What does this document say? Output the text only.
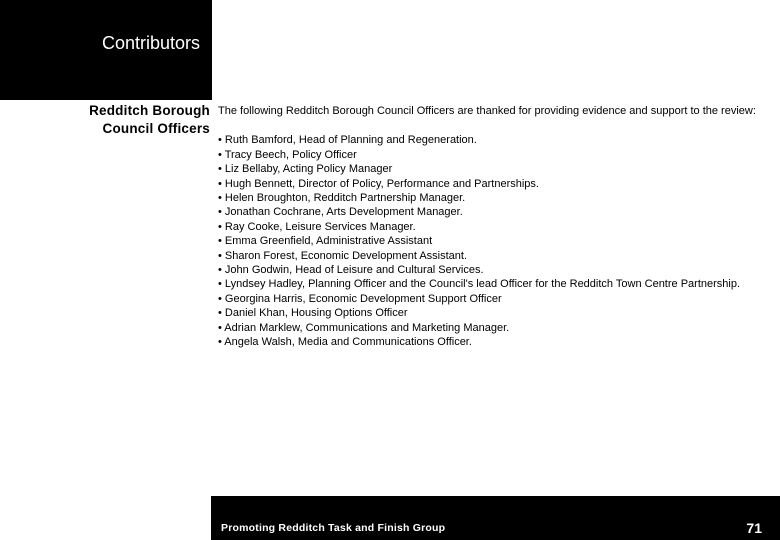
Contributors
Redditch Borough
Council Officers

The following Redditch Borough Council Officers are thanked for providing evidence and support to the review:

• Ruth Bamford, Head of Planning and Regeneration.
• Tracy Beech, Policy Officer
• Liz Bellaby, Acting Policy Manager
• Hugh Bennett, Director of Policy, Performance and Partnerships.
• Helen Broughton, Redditch Partnership Manager.
• Jonathan Cochrane, Arts Development Manager.
• Ray Cooke, Leisure Services Manager.
• Emma Greenfield, Administrative Assistant
• Sharon Forest, Economic Development Assistant.
• John Godwin, Head of Leisure and Cultural Services.
• Lyndsey Hadley, Planning Officer and the Council's lead Officer for the Redditch Town Centre Partnership.
• Georgina Harris, Economic Development Support Officer
• Daniel Khan, Housing Options Officer
• Adrian Marklew, Communications and Marketing Manager.
• Angela Walsh, Media and Communications Officer.
Promoting Redditch Task and Finish Group	71
